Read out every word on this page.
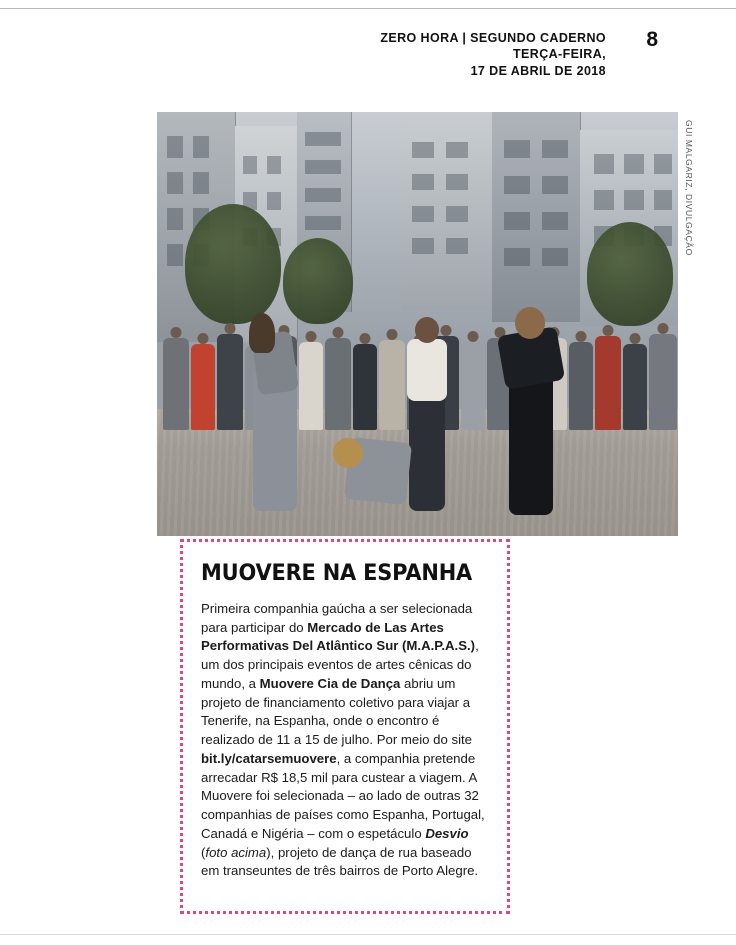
ZERO HORA | SEGUNDO CADERNO
TERÇA-FEIRA,
17 DE ABRIL DE 2018
8
GUI MALGARIZ, DIVULGAÇÃO
MUOVERE NA ESPANHA

Primeira companhia gaúcha a ser selecionada para participar do Mercado de Las Artes Performativas Del Atlântico Sur (M.A.P.A.S.), um dos principais eventos de artes cênicas do mundo, a Muovere Cia de Dança abriu um projeto de financiamento coletivo para viajar a Tenerife, na Espanha, onde o encontro é realizado de 11 a 15 de julho. Por meio do site bit.ly/catarsemuovere, a companhia pretende arrecadar R$ 18,5 mil para custear a viagem. A Muovere foi selecionada – ao lado de outras 32 companhias de países como Espanha, Portugal, Canadá e Nigéria – com o espetáculo Desvio (foto acima), projeto de dança de rua baseado em transeuntes de três bairros de Porto Alegre.
